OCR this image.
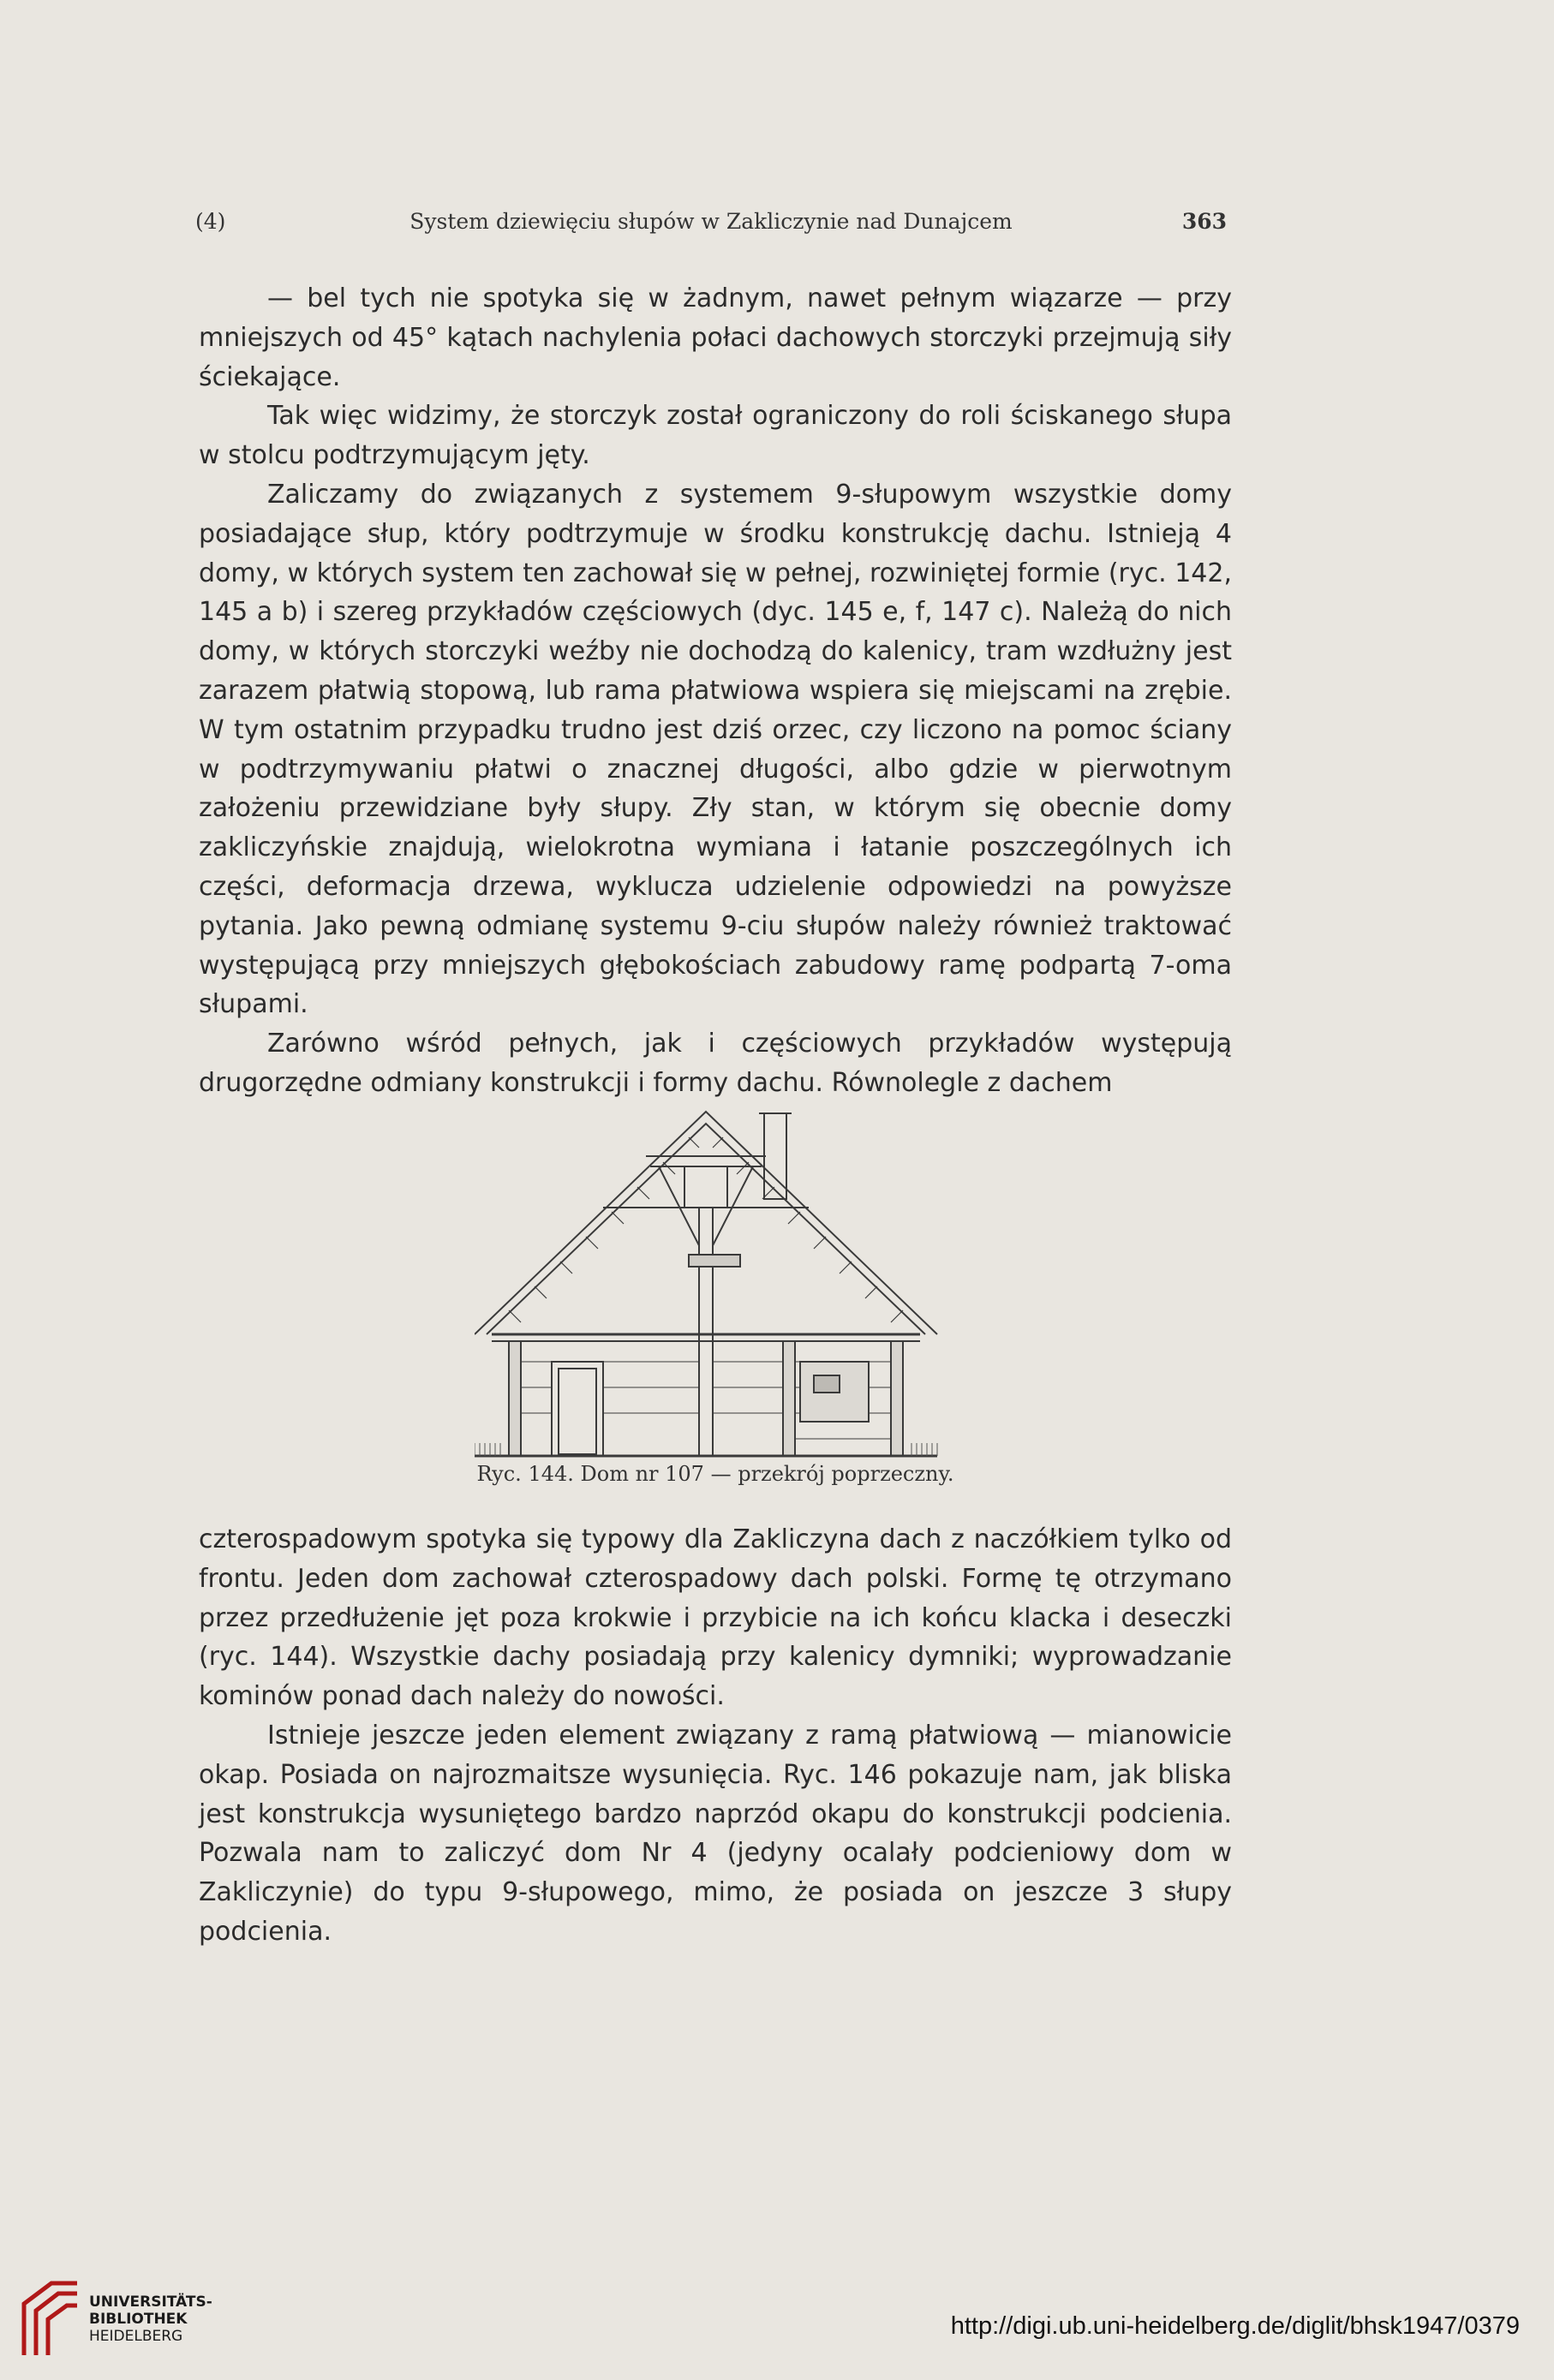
(4)	System dziewięciu słupów w Zakliczynie nad Dunajcem	363

— bel tych nie spotyka się w żadnym, nawet pełnym wiązarze — przy mniejszych od 45° kątach nachylenia połaci dachowych storczyki przejmują siły ściekające.

Tak więc widzimy, że storczyk został ograniczony do roli ściskanego słupa w stolcu podtrzymującym jęty.

Zaliczamy do związanych z systemem 9-słupowym wszystkie domy posiadające słup, który podtrzymuje w środku konstrukcję dachu. Istnieją 4 domy, w których system ten zachował się w pełnej, rozwiniętej formie (ryc. 142, 145 a b) i szereg przykładów częściowych (dyc. 145 e, f, 147 c). Należą do nich domy, w których storczyki weźby nie dochodzą do kalenicy, tram wzdłużny jest zarazem płatwią stopową, lub rama płatwiowa wspiera się miejscami na zrębie. W tym ostatnim przypadku trudno jest dziś orzec, czy liczono na pomoc ściany w podtrzymywaniu płatwi o znacznej długości, albo gdzie w pierwotnym założeniu przewidziane były słupy. Zły stan, w którym się obecnie domy zakliczyńskie znajdują, wielokrotna wymiana i łatanie poszczególnych ich części, deformacja drzewa, wyklucza udzielenie odpowiedzi na powyższe pytania. Jako pewną odmianę systemu 9-ciu słupów należy również traktować występującą przy mniejszych głębokościach zabudowy ramę podpartą 7-oma słupami.

Zarówno wśród pełnych, jak i częściowych przykładów występują drugorzędne odmiany konstrukcji i formy dachu. Równolegle z dachem

Ryc. 144. Dom nr 107 — przekrój poprzeczny.

czterospadowym spotyka się typowy dla Zakliczyna dach z naczółkiem tylko od frontu. Jeden dom zachował czterospadowy dach polski. Formę tę otrzymano przez przedłużenie jęt poza krokwie i przybicie na ich końcu klacka i deseczki (ryc. 144). Wszystkie dachy posiadają przy kalenicy dymniki; wyprowadzanie kominów ponad dach należy do nowości.

Istnieje jeszcze jeden element związany z ramą płatwiową — mianowicie okap. Posiada on najrozmaitsze wysunięcia. Ryc. 146 pokazuje nam, jak bliska jest konstrukcja wysuniętego bardzo naprzód okapu do konstrukcji podcienia. Pozwala nam to zaliczyć dom Nr 4 (jedyny ocalały podcieniowy dom w Zakliczynie) do typu 9-słupowego, mimo, że posiada on jeszcze 3 słupy podcienia.

UNIVERSITÄTS-
BIBLIOTHEK
HEIDELBERG	http://digi.ub.uni-heidelberg.de/diglit/bhsk1947/0379
